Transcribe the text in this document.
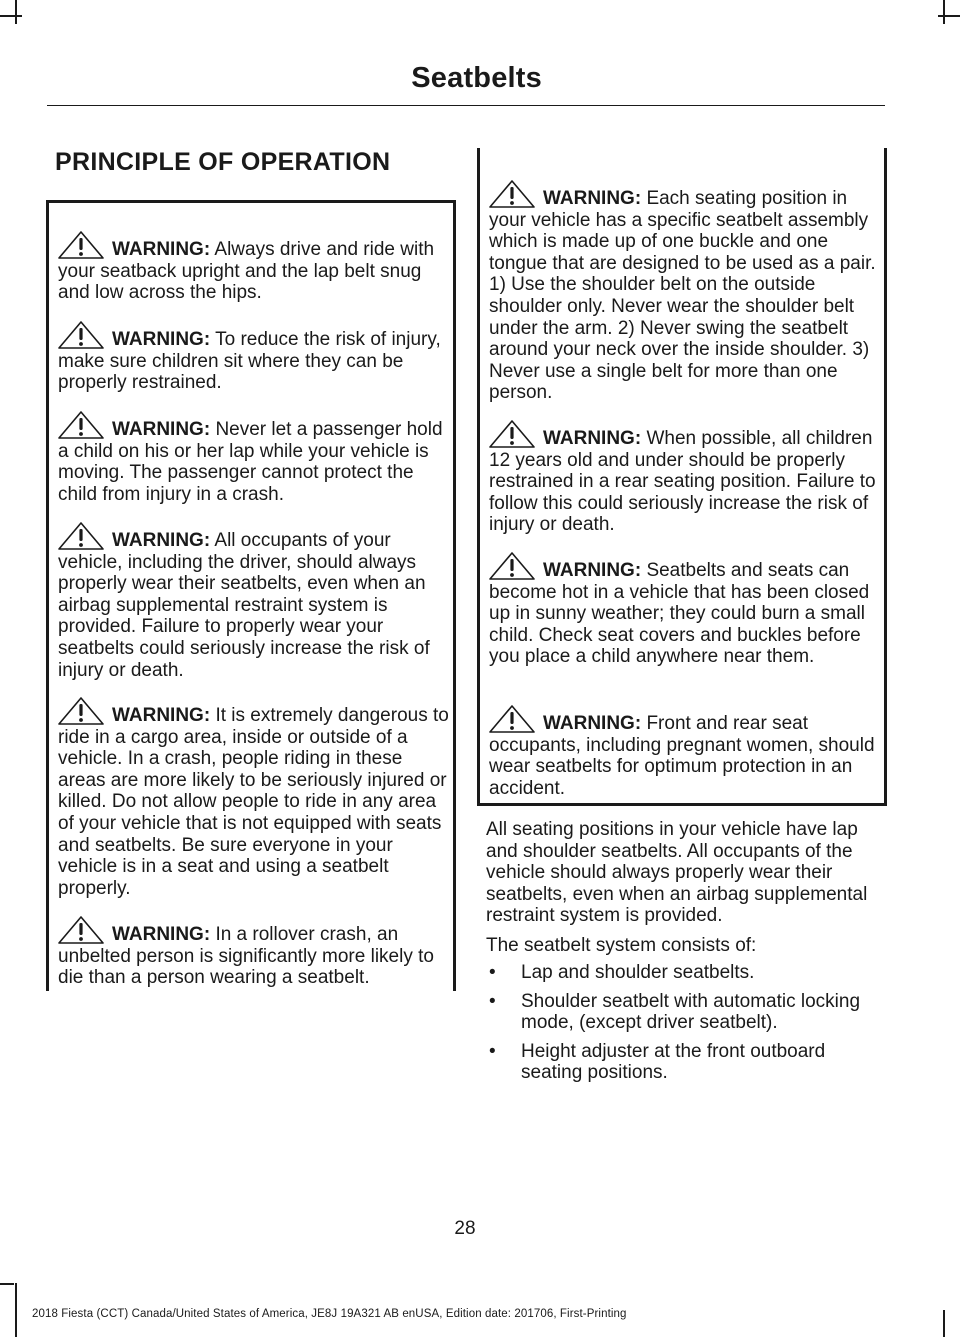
Seatbelts
PRINCIPLE OF OPERATION
WARNING: Always drive and ride with your seatback upright and the lap belt snug and low across the hips.
WARNING: To reduce the risk of injury, make sure children sit where they can be properly restrained.
WARNING: Never let a passenger hold a child on his or her lap while your vehicle is moving. The passenger cannot protect the child from injury in a crash.
WARNING: All occupants of your vehicle, including the driver, should always properly wear their seatbelts, even when an airbag supplemental restraint system is provided. Failure to properly wear your seatbelts could seriously increase the risk of injury or death.
WARNING: It is extremely dangerous to ride in a cargo area, inside or outside of a vehicle. In a crash, people riding in these areas are more likely to be seriously injured or killed. Do not allow people to ride in any area of your vehicle that is not equipped with seats and seatbelts. Be sure everyone in your vehicle is in a seat and using a seatbelt properly.
WARNING: In a rollover crash, an unbelted person is significantly more likely to die than a person wearing a seatbelt.
WARNING: Each seating position in your vehicle has a specific seatbelt assembly which is made up of one buckle and one tongue that are designed to be used as a pair. 1) Use the shoulder belt on the outside shoulder only. Never wear the shoulder belt under the arm. 2) Never swing the seatbelt around your neck over the inside shoulder. 3) Never use a single belt for more than one person.
WARNING: When possible, all children 12 years old and under should be properly restrained in a rear seating position. Failure to follow this could seriously increase the risk of injury or death.
WARNING: Seatbelts and seats can become hot in a vehicle that has been closed up in sunny weather; they could burn a small child. Check seat covers and buckles before you place a child anywhere near them.
WARNING: Front and rear seat occupants, including pregnant women, should wear seatbelts for optimum protection in an accident.

All seating positions in your vehicle have lap and shoulder seatbelts. All occupants of the vehicle should always properly wear their seatbelts, even when an airbag supplemental restraint system is provided.

The seatbelt system consists of:

• Lap and shoulder seatbelts.
• Shoulder seatbelt with automatic locking mode, (except driver seatbelt).
• Height adjuster at the front outboard seating positions.
28
2018 Fiesta (CCT) Canada/United States of America, JE8J 19A321 AB enUSA, Edition date: 201706, First-Printing
